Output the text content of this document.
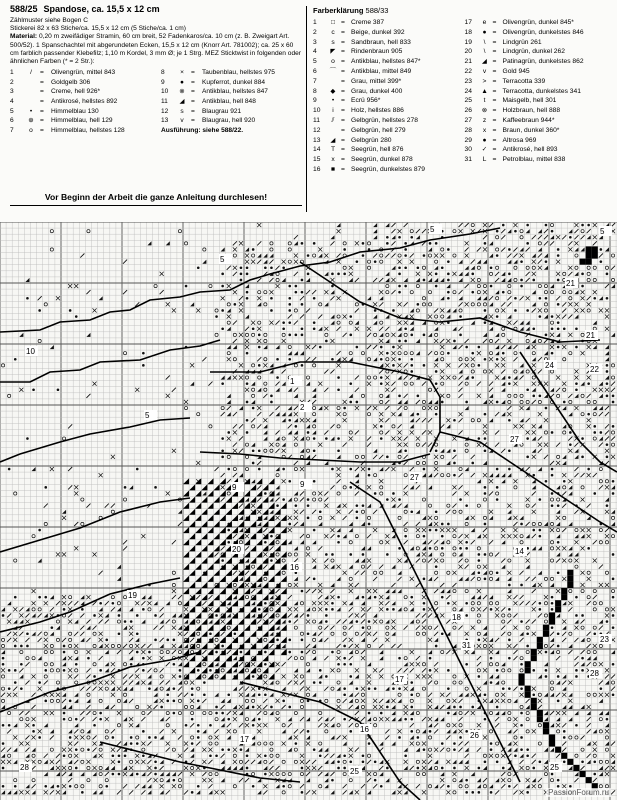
588/25 Spandose, ca. 15,5 x 12 cm
Zählmuster siehe Bogen C
Stickerei 82 x 63 Stiche/ca. 15,5 x 12 cm (5 Stiche/ca. 1 cm)
Material: 0,20 m zweifädiger Stramin, 60 cm breit, 52 Fadenkaros/ca. 10 cm (z. B. Zweigart Art. 500/52). 1 Spanschachtel mit abgerundeten Ecken, 15,5 x 12 cm (Knorr Art. 781002); ca. 25 x 60 cm farblich passender Klebefilz; 1,10 m Kordel, 3 mm Ø; je 1 Strg. MEZ Sticktwist in folgenden oder ähnlichen Farben (* = 2 Str.):
1	/	=	Olivengrün, mittel 843
2	=	Goldgelb 306
3	=	Creme, hell 926*
4	=	Antikrosé, hellstes 892
5	•	=	Himmelblau 130
6	⊕ =	Himmelblau, hell 129
7	o	=	Himmelblau, hellstes 128
8	×	=	Taubenblau, hellstes 975
9	●	=	Kupferrot, dunkel 884
10	⊗ =	Antikblau, hellstes 847
11	◢ =	Antikblau, hell 848
12	s	=	Blaugrau 921
13	v	=	Blaugrau, hell 920
Ausführung: siehe 588/22.
Vor Beginn der Arbeit die ganze Anleitung durchlesen!
Farberklärung 588/33
1	□ = Creme 387
2	c = Beige, dunkel 392
3	s = Sandbraun, hell 833
4	◤ = Rindenbraun 905
5	o = Antikblau, hellstes 847*
6	⌒ = Antikblau, mittel 849
7	= Grau, mittel 399*
8	◆ = Grau, dunkel 400
9	•	= Ecrü 956*
10	i	= Holz, hellstes 886
11	⫽ = Gelbgrün, hellstes 278
12	= Gelbgrün, hell 279
13	◢ = Gelbgrün 280
14	T = Seegrün, hell 876
15	x = Seegrün, dunkel 878
16	■ = Seegrün, dunkelstes 879
17	e = Olivengrün, dunkel 845*
18	● = Olivengrün, dunkelstes 846
19	\	= Lindgrün 261
20	\	= Lindgrün, dunkel 262
21	◢ = Patinagrün, dunkelstes 862
22	v = Gold 945
23	> = Terracotta 339
24	▲ = Terracotta, dunkelstes 341
25	t	= Maisgelb, hell 301
26	⊗ = Holzbraun, hell 888
27	z = Kaffeebraun 944*
28	x = Braun, dunkel 360*
29	● = Altrosa 969
30	✓ = Antikrosé, hell 893
31	L = Petrolblau, mittel 838
5
5	5
10
1
2
9	9
20
16
21
21
22
24
27
27
28
28
14
17
18
19
23
25	25
26
31
17
16
5
PassionForum.ru
